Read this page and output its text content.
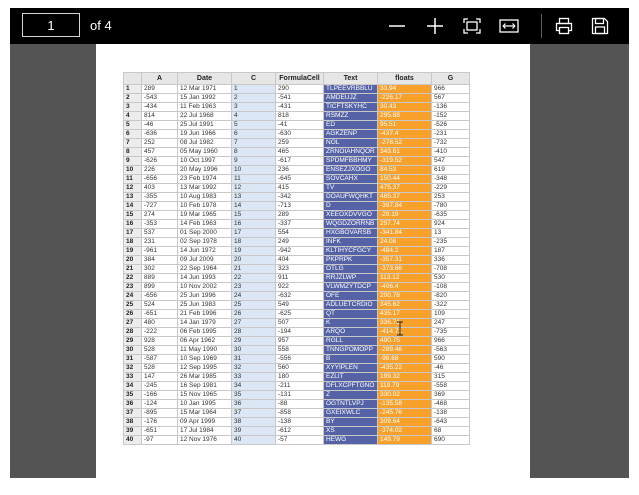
1
of 4
	A	Date	C	FormulaCell	Text	floats	G
1	289	12 Mar 1971	1	290	TLPEEVRBBLU	33.94	966
2	-543	15 Jan 1992	2	-541	AMDEUJZ	-226.17	567
3	-434	11 Feb 1963	3	-431	TICFTSKYHC	30.43	-136
4	814	22 Jul 1968	4	818	RSMZZ	295.88	-152
5	-46	25 Jul 1991	5	-41	ED	95.51	-526
6	-636	19 Jun 1966	6	-630	AGKZENP	-437.4	-231
7	252	08 Jul 1982	7	259	NOL	-278.52	-732
8	457	05 May 1960	8	465	ZRNOIAHNQOR	343.61	-410
9	-626	10 Oct 1997	9	-617	SPDMFBBHMY	-319.52	547
10	226	20 May 1996	10	236	ENSEZJXOGO	84.53	619
11	-656	23 Feb 1974	11	-645	SOVCAHX	150.44	-348
12	403	13 Mar 1992	12	415	TV	475.37	-229
13	-355	10 Aug 1983	13	-342	DOAUFWQHKT	465.37	253
14	-727	10 Feb 1978	14	-713	D	-397.84	-780
15	274	19 Mar 1965	15	289	XEEOXDVVGO	-29.19	-635
16	-353	14 Feb 1963	16	-337	WQGDZORRNB	297.74	924
17	537	01 Sep 2000	17	554	HXGBOVARSB	-341.84	13
18	231	02 Sep 1978	18	249	INFK	24.08	-235
19	-961	14 Jun 1972	19	-942	KLTIHYCFGCY	-484.2	187
20	384	09 Jul 2009	20	404	PKPRPK	-357.31	336
21	302	22 Sep 1964	21	323	OTLG	-373.66	-708
22	889	14 Jun 1993	22	911	RRJZLWP	113.12	530
23	899	10 Nov 2002	23	922	VLWMZYTDCP	-406.4	-108
24	-656	25 Jun 1996	24	-632	OFE	200.78	-820
25	524	25 Jun 1983	25	549	ADLUETCRDIO	345.62	-322
26	-651	21 Feb 1996	26	-625	QT	435.17	109
27	480	14 Jan 1979	27	507	K	336.71	247
28	-222	06 Feb 1995	28	-194	ARQO	-414.71	-735
29	928	06 Apr 1962	29	957	RGLL	490.75	966
30	528	11 May 1990	30	558	TNNGPOMOPP	-289.46	-563
31	-587	10 Sep 1969	31	-556	B	-98.68	590
32	528	12 Sep 1995	32	560	XYYIPLEN	-435.22	-46
33	147	26 Mar 1985	33	180	EZLIT	199.32	315
34	-245	16 Sep 1981	34	-211	DFLXCPFTGNO	119.79	-558
35	-166	15 Nov 1965	35	-131	Z	330.02	369
36	-124	10 Jan 1995	36	-88	OGTNTLVPJ	-135.58	-468
37	-895	15 Mar 1964	37	-858	GXEIXWLC	-245.76	-138
38	-176	09 Apr 1999	38	-138	BY	309.64	-643
39	-651	17 Jul 1984	39	-612	XS	-374.02	68
40	-97	12 Nov 1976	40	-57	HEWG	149.79	690
